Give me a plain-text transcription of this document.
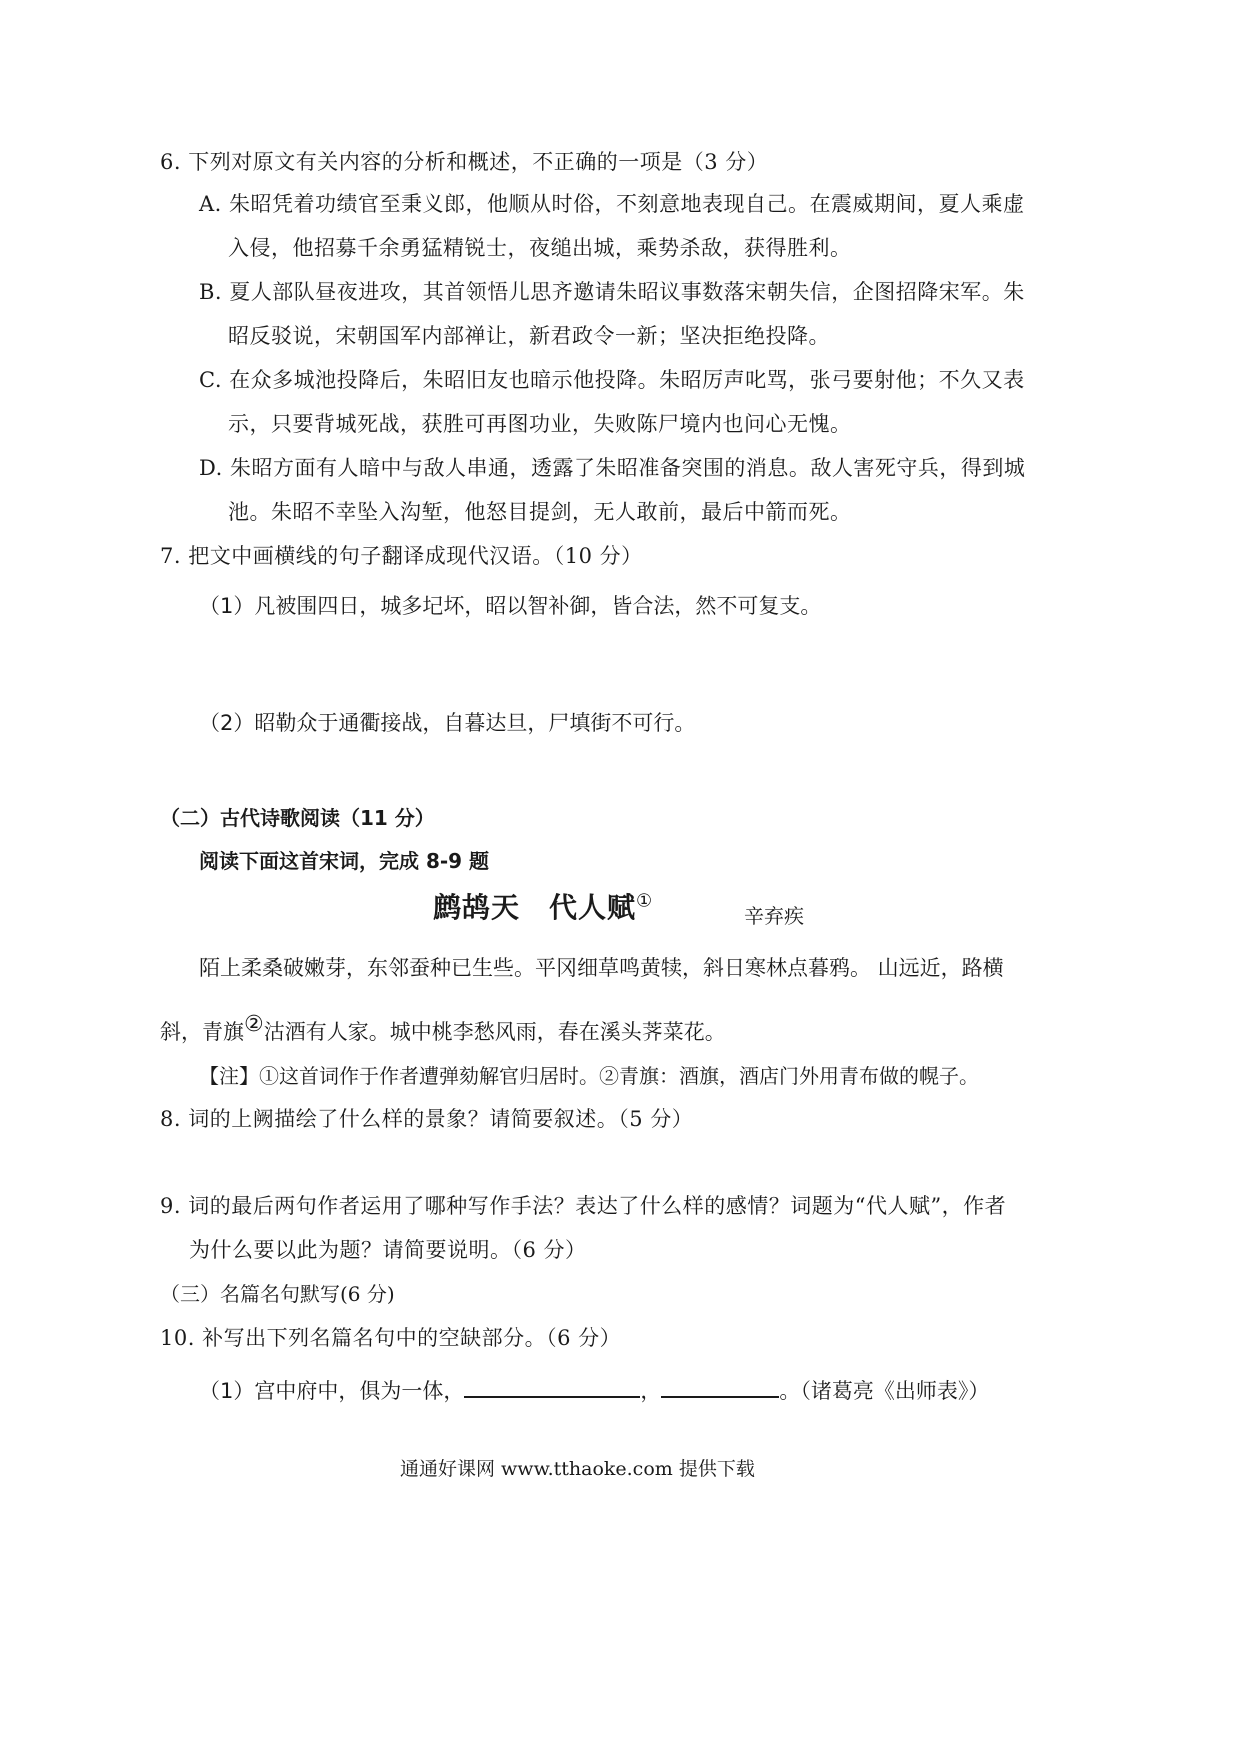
6. 下列对原文有关内容的分析和概述，不正确的一项是（3 分）
A. 朱昭凭着功绩官至秉义郎，他顺从时俗，不刻意地表现自己。在震威期间，夏人乘虚
入侵，他招募千余勇猛精锐士，夜缒出城，乘势杀敌，获得胜利。
B. 夏人部队昼夜进攻，其首领悟儿思齐邀请朱昭议事数落宋朝失信，企图招降宋军。朱
昭反驳说，宋朝国军内部禅让，新君政令一新；坚决拒绝投降。
C. 在众多城池投降后，朱昭旧友也暗示他投降。朱昭厉声叱骂，张弓要射他；不久又表
示，只要背城死战，获胜可再图功业，失败陈尸境内也问心无愧。
D. 朱昭方面有人暗中与敌人串通，透露了朱昭准备突围的消息。敌人害死守兵，得到城
池。朱昭不幸坠入沟堑，他怒目提剑，无人敢前，最后中箭而死。
7. 把文中画横线的句子翻译成现代汉语。（10 分）
（1）凡被围四日，城多圮坏，昭以智补御，皆合法，然不可复支。
（2）昭勒众于通衢接战，自暮达旦，尸填街不可行。
（二）古代诗歌阅读（11 分）
阅读下面这首宋词，完成 8-9 题
鹧鸪天　代人赋①
辛弃疾
陌上柔桑破嫩芽，东邻蚕种已生些。平冈细草鸣黄犊，斜日寒林点暮鸦。 山远近，路横
斜，青旗②沽酒有人家。城中桃李愁风雨，春在溪头荠菜花。
【注】①这首词作于作者遭弹劾解官归居时。②青旗：酒旗，酒店门外用青布做的幌子。
8. 词的上阙描绘了什么样的景象？请简要叙述。（5 分）
9. 词的最后两句作者运用了哪种写作手法？表达了什么样的感情？词题为“代人赋”，作者
为什么要以此为题？请简要说明。（6 分）
（三）名篇名句默写(6 分)
10. 补写出下列名篇名句中的空缺部分。（6 分）
（1）宫中府中，俱为一体，	，	。（诸葛亮《出师表》）
通通好课网 www.tthaoke.com 提供下载
